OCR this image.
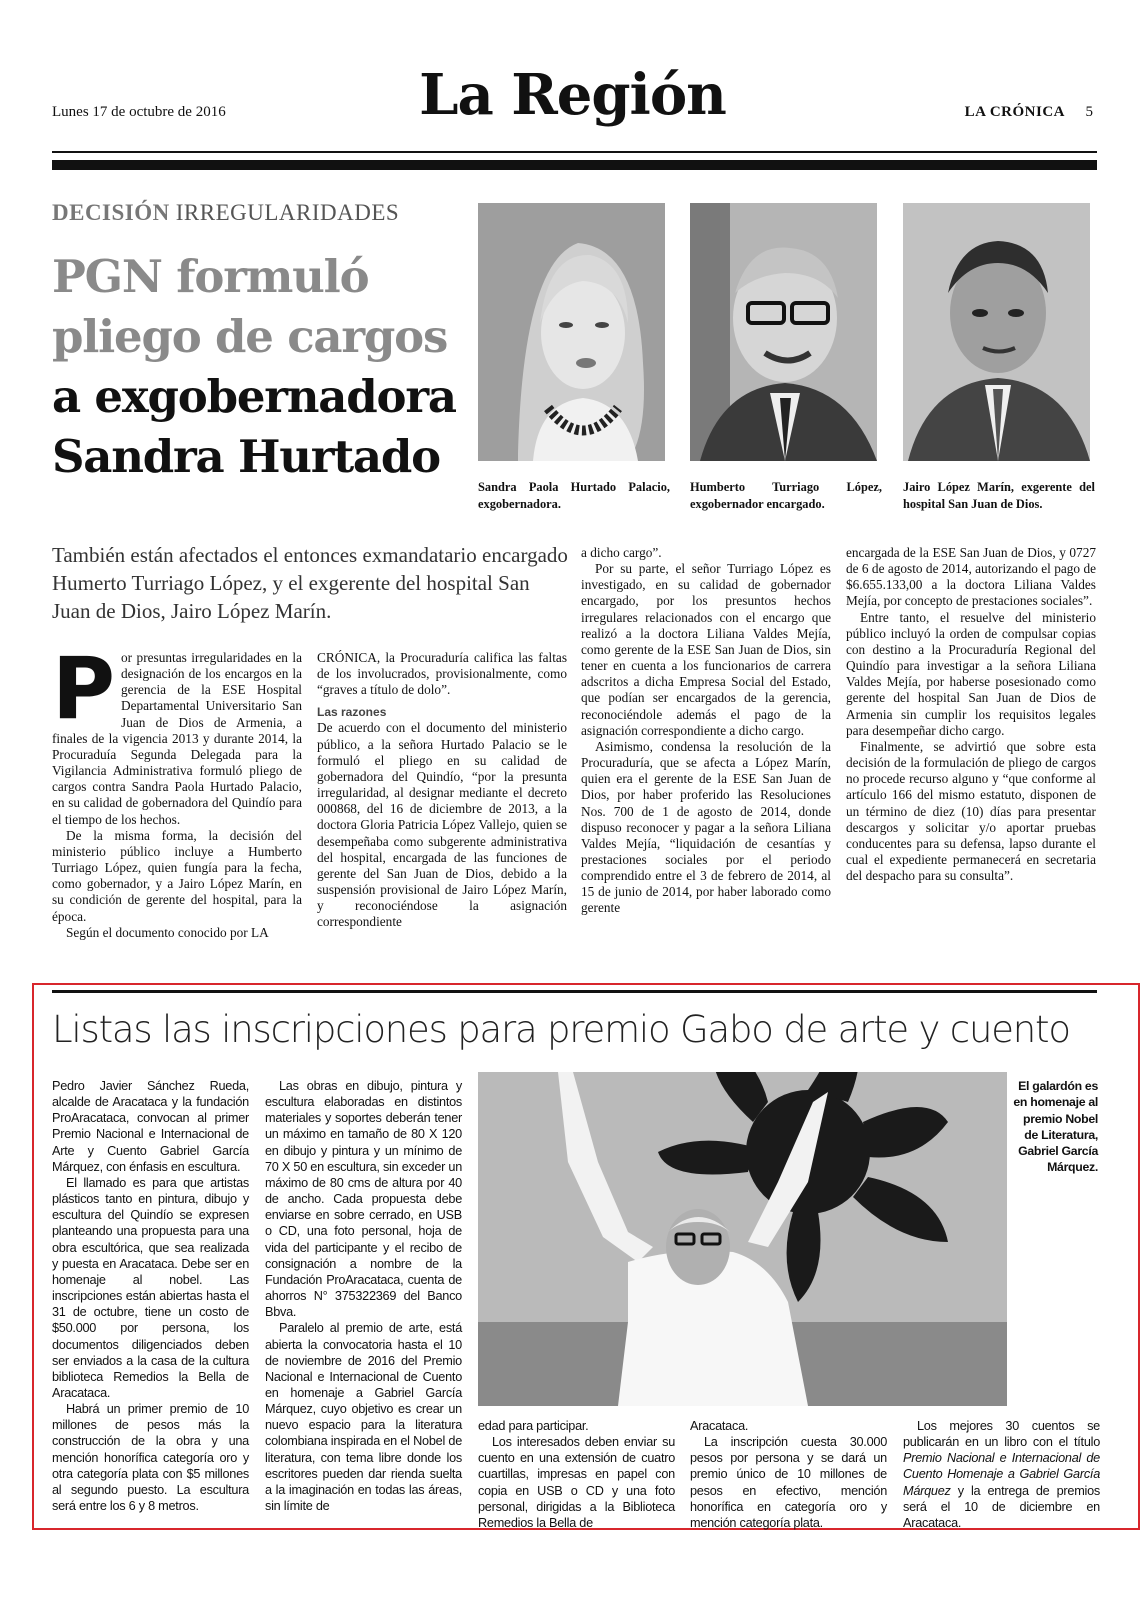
Lunes 17 de octubre de 2016	La Región	LA CRÓNICA 5
DECISIÓN IRREGULARIDADES
PGN formuló
pliego de cargos
a exgobernadora
Sandra Hurtado
Sandra Paola Hurtado Palacio, exgobernadora.
Humberto Turriago López, exgobernador encargado.
Jairo López Marín, exgerente del hospital San Juan de Dios.
También están afectados el entonces exmandatario encargado Humerto Turriago López, y el exgerente del hospital San Juan de Dios, Jairo López Marín.
P or presuntas irregularidades en la designación de los encargos en la gerencia de la ESE Hospital Departamental Universitario San Juan de Dios de Armenia, a finales de la vigencia 2013 y durante 2014, la Procuraduía Segunda Delegada para la Vigilancia Administrativa formuló pliego de cargos contra Sandra Paola Hurtado Palacio, en su calidad de gobernadora del Quindío para el tiempo de los hechos.

De la misma forma, la decisión del ministerio público incluye a Humberto Turriago López, quien fungía para la fecha, como gobernador, y a Jairo López Marín, en su condición de gerente del hospital, para la época.

Según el documento conocido por LA

CRÓNICA, la Procuraduría califica las faltas de los involucrados, provisionalmente, como “graves a título de dolo”.

Las razones

De acuerdo con el documento del ministerio público, a la señora Hurtado Palacio se le formuló el pliego en su calidad de gobernadora del Quindío, “por la presunta irregularidad, al designar mediante el decreto 000868, del 16 de diciembre de 2013, a la doctora Gloria Patricia López Vallejo, quien se desempeñaba como subgerente administrativa del hospital, encargada de las funciones de gerente del San Juan de Dios, debido a la suspensión provisional de Jairo López Marín, y reconociéndose la asignación correspondiente

a dicho cargo”.

Por su parte, el señor Turriago López es investigado, en su calidad de gobernador encargado, por los presuntos hechos irregulares relacionados con el encargo que realizó a la doctora Liliana Valdes Mejía, como gerente de la ESE San Juan de Dios, sin tener en cuenta a los funcionarios de carrera adscritos a dicha Empresa Social del Estado, que podían ser encargados de la gerencia, reconociéndole además el pago de la asignación correspondiente a dicho cargo.

Asimismo, condensa la resolución de la Procuraduría, que se afecta a López Marín, quien era el gerente de la ESE San Juan de Dios, por haber proferido las Resoluciones Nos. 700 de 1 de agosto de 2014, donde dispuso reconocer y pagar a la señora Liliana Valdes Mejía, “liquidación de cesantías y prestaciones sociales por el periodo comprendido entre el 3 de febrero de 2014, al 15 de junio de 2014, por haber laborado como gerente

encargada de la ESE San Juan de Dios, y 0727 de 6 de agosto de 2014, autorizando el pago de $6.655.133,00 a la doctora Liliana Valdes Mejía, por concepto de prestaciones sociales”.

Entre tanto, el resuelve del ministerio público incluyó la orden de compulsar copias con destino a la Procuraduría Regional del Quindío para investigar a la señora Liliana Valdes Mejía, por haberse posesionado como gerente del hospital San Juan de Dios de Armenia sin cumplir los requisitos legales para desempeñar dicho cargo.

Finalmente, se advirtió que sobre esta decisión de la formulación de pliego de cargos no procede recurso alguno y “que conforme al artículo 166 del mismo estatuto, disponen de un término de diez (10) días para presentar descargos y solicitar y/o aportar pruebas conducentes para su defensa, lapso durante el cual el expediente permanecerá en secretaria del despacho para su consulta”.

Listas las inscripciones para premio Gabo de arte y cuento

Pedro Javier Sánchez Rueda, alcalde de Aracataca y la fundación ProAracataca, convocan al primer Premio Nacional e Internacional de Arte y Cuento Gabriel García Márquez, con énfasis en escultura.

El llamado es para que artistas plásticos tanto en pintura, dibujo y escultura del Quindío se expresen planteando una propuesta para una obra escultórica, que sea realizada y puesta en Aracataca. Debe ser en homenaje al nobel. Las inscripciones están abiertas hasta el 31 de octubre, tiene un costo de $50.000 por persona, los documentos diligenciados deben ser enviados a la casa de la cultura biblioteca Remedios la Bella de Aracataca.

Habrá un primer premio de 10 millones de pesos más la construcción de la obra y una mención honorífica categoría oro y otra categoría plata con $5 millones al segundo puesto. La escultura será entre los 6 y 8 metros.

Las obras en dibujo, pintura y escultura elaboradas en distintos materiales y soportes deberán tener un máximo en tamaño de 80 X 120 en dibujo y pintura y un mínimo de 70 X 50 en escultura, sin exceder un máximo de 80 cms de altura por 40 de ancho. Cada propuesta debe enviarse en sobre cerrado, en USB o CD, una foto personal, hoja de vida del participante y el recibo de consignación a nombre de la Fundación ProAracataca, cuenta de ahorros N° 375322369 del Banco Bbva.

Paralelo al premio de arte, está abierta la convocatoria hasta el 10 de noviembre de 2016 del Premio Nacional e Internacional de Cuento en homenaje a Gabriel García Márquez, cuyo objetivo es crear un nuevo espacio para la literatura colombiana inspirada en el Nobel de literatura, con tema libre donde los escritores pueden dar rienda suelta a la imaginación en todas las áreas, sin límite de

El galardón es en homenaje al premio Nobel de Literatura, Gabriel García Márquez.

edad para participar.

Los interesados deben enviar su cuento en una extensión de cuatro cuartillas, impresas en papel con copia en USB o CD y una foto personal, dirigidas a la Biblioteca Remedios la Bella de

Aracataca.

La inscripción cuesta 30.000 pesos por persona y se dará un premio único de 10 millones de pesos en efectivo, mención honorífica en categoría oro y mención categoría plata.

Los mejores 30 cuentos se publicarán en un libro con el título Premio Nacional e Internacional de Cuento Homenaje a Gabriel García Márquez y la entrega de premios será el 10 de diciembre en Aracataca.
